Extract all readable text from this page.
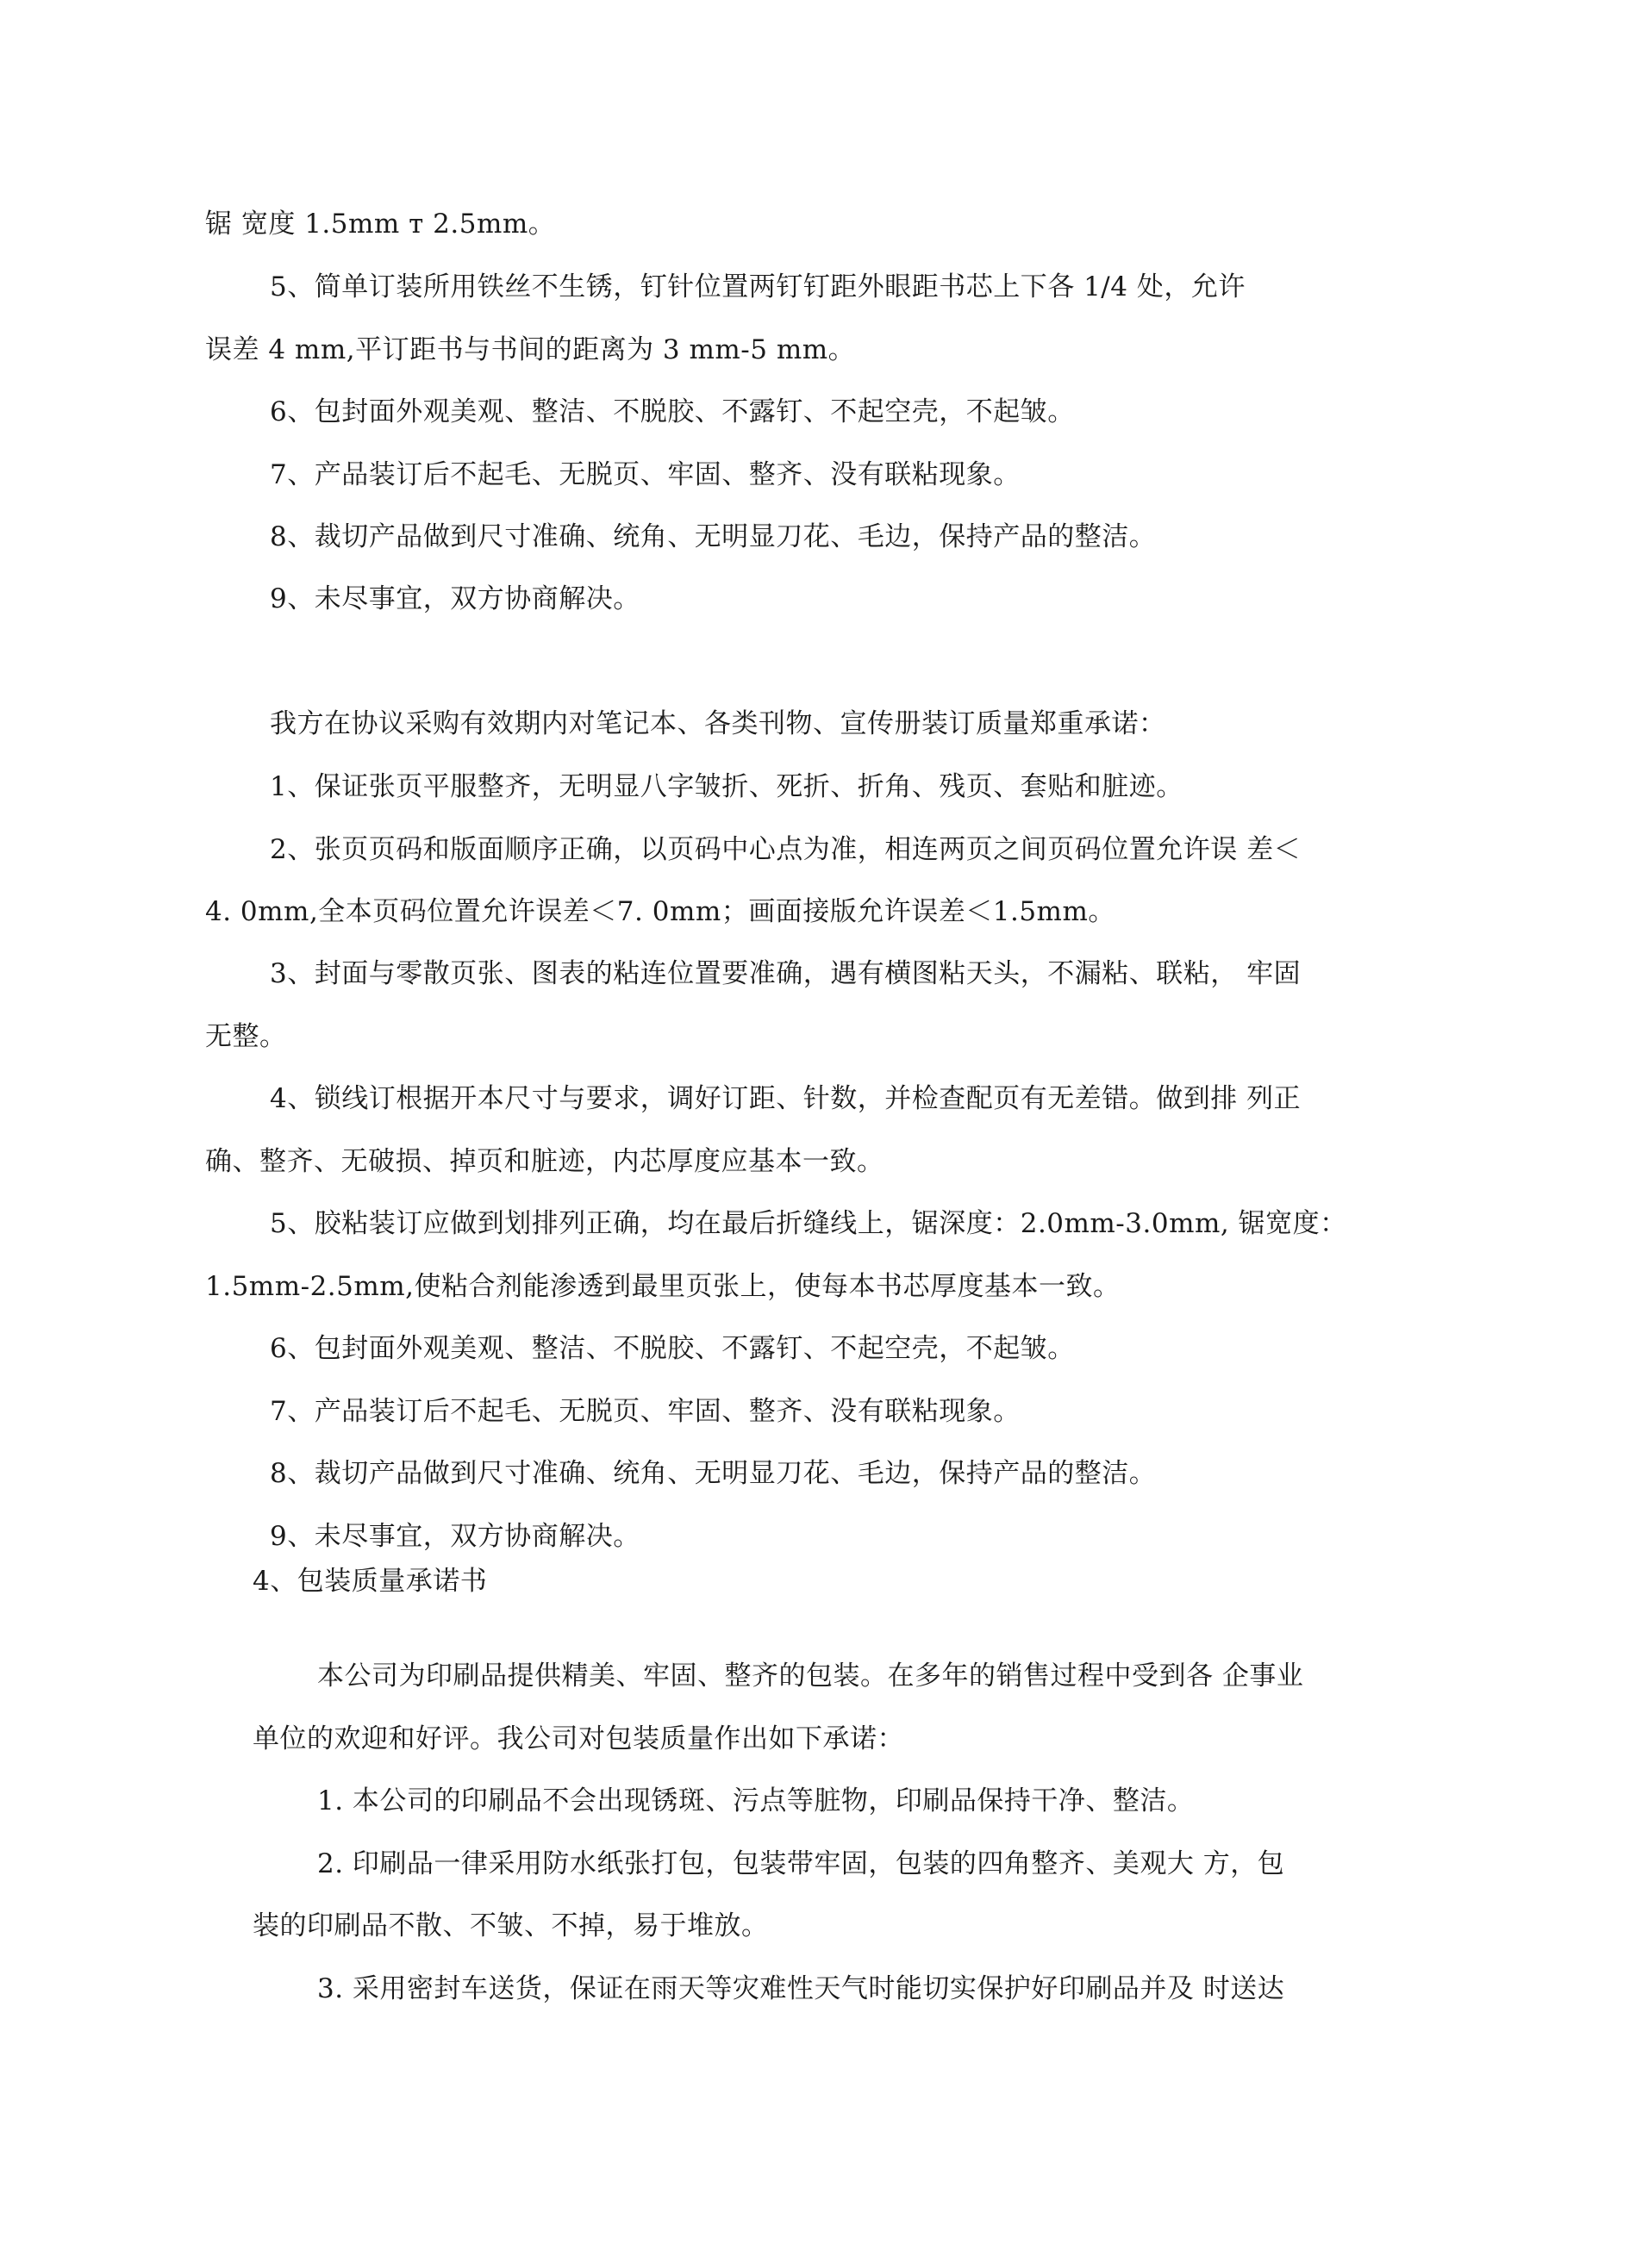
锯 宽度 1.5mm т 2.5mm。
5、简单订装所用铁丝不生锈，钉针位置两钉钉距外眼距书芯上下各 1/4 处，允许
误差 4 mm,平订距书与书间的距离为 3 mm-5 mm。
6、包封面外观美观、整洁、不脱胶、不露钉、不起空壳，不起皱。
7、产品装订后不起毛、无脱页、牢固、整齐、没有联粘现象。
8、裁切产品做到尺寸准确、统角、无明显刀花、毛边，保持产品的整洁。
9、未尽事宜，双方协商解决。
我方在协议采购有效期内对笔记本、各类刊物、宣传册装订质量郑重承诺：
1、保证张页平服整齐，无明显八字皱折、死折、折角、残页、套贴和脏迹。
2、张页页码和版面顺序正确，以页码中心点为准，相连两页之间页码位置允许误 差＜
4. 0mm,全本页码位置允许误差＜7. 0mm；画面接版允许误差＜1.5mm。
3、封面与零散页张、图表的粘连位置要准确，遇有横图粘天头，不漏粘、联粘， 牢固
无整。
4、锁线订根据开本尺寸与要求，调好订距、针数，并检查配页有无差错。做到排 列正
确、整齐、无破损、掉页和脏迹，内芯厚度应基本一致。
5、胶粘装订应做到划排列正确，均在最后折缝线上，锯深度：2.0mm-3.0mm, 锯宽度：
1.5mm-2.5mm,使粘合剂能渗透到最里页张上，使每本书芯厚度基本一致。
6、包封面外观美观、整洁、不脱胶、不露钉、不起空壳，不起皱。
7、产品装订后不起毛、无脱页、牢固、整齐、没有联粘现象。
8、裁切产品做到尺寸准确、统角、无明显刀花、毛边，保持产品的整洁。
9、未尽事宜，双方协商解决。
4、包装质量承诺书
本公司为印刷品提供精美、牢固、整齐的包装。在多年的销售过程中受到各 企事业
单位的欢迎和好评。我公司对包装质量作出如下承诺：
1. 本公司的印刷品不会出现锈斑、污点等脏物，印刷品保持干净、整洁。
2. 印刷品一律采用防水纸张打包，包装带牢固，包装的四角整齐、美观大 方，包
装的印刷品不散、不皱、不掉，易于堆放。
3. 采用密封车送货，保证在雨天等灾难性天气时能切实保护好印刷品并及 时送达
